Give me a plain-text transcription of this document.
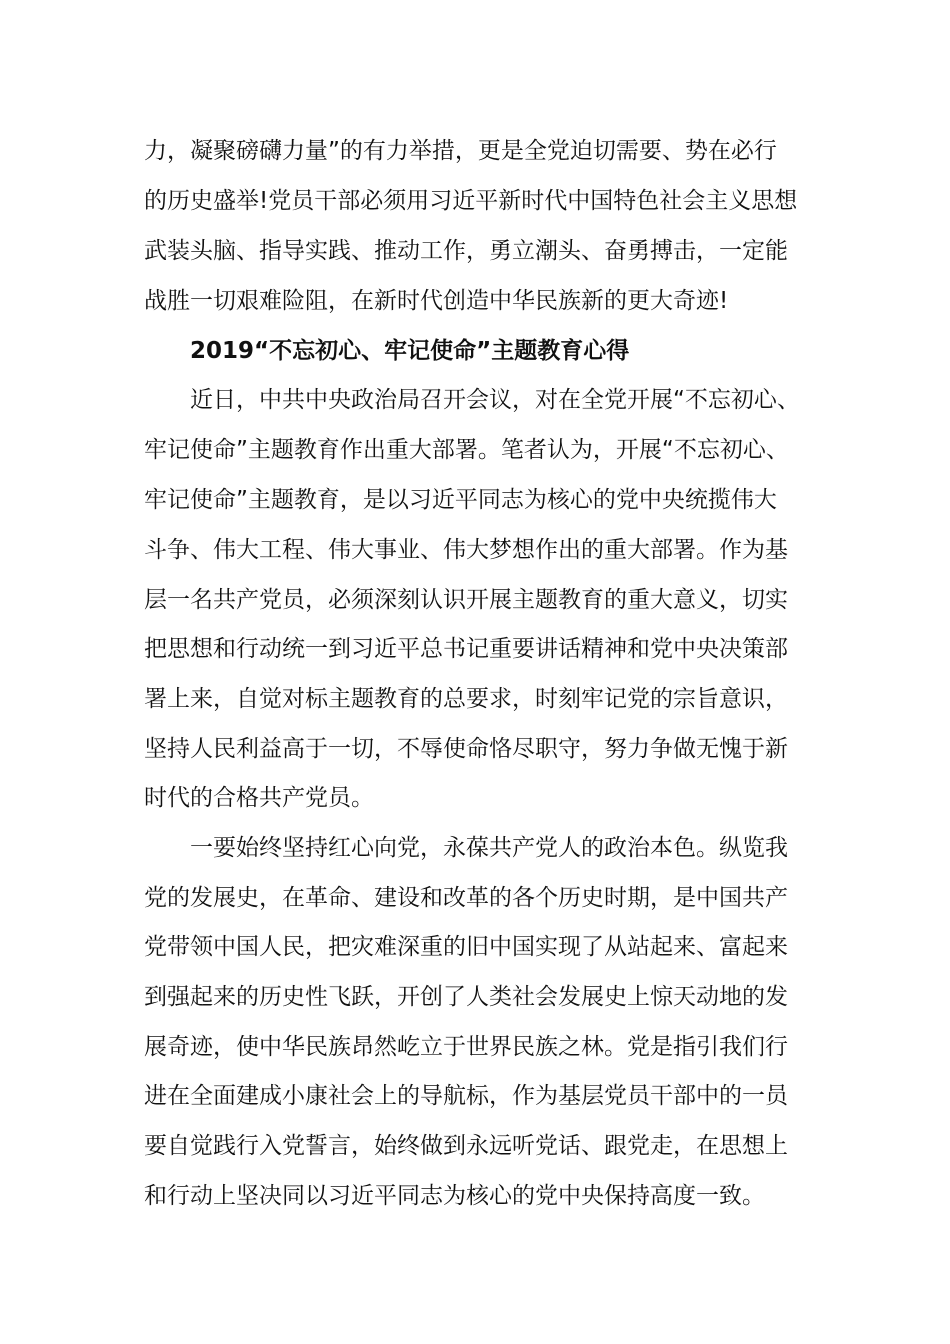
力，凝聚磅礴力量”的有力举措，更是全党迫切需要、势在必行
的历史盛举!党员干部必须用习近平新时代中国特色社会主义思想
武装头脑、指导实践、推动工作，勇立潮头、奋勇搏击，一定能
战胜一切艰难险阻，在新时代创造中华民族新的更大奇迹!
2019“不忘初心、牢记使命”主题教育心得
近日，中共中央政治局召开会议，对在全党开展“不忘初心、
牢记使命”主题教育作出重大部署。笔者认为，开展“不忘初心、
牢记使命”主题教育，是以习近平同志为核心的党中央统揽伟大
斗争、伟大工程、伟大事业、伟大梦想作出的重大部署。作为基
层一名共产党员，必须深刻认识开展主题教育的重大意义，切实
把思想和行动统一到习近平总书记重要讲话精神和党中央决策部
署上来，自觉对标主题教育的总要求，时刻牢记党的宗旨意识，
坚持人民利益高于一切，不辱使命恪尽职守，努力争做无愧于新
时代的合格共产党员。
一要始终坚持红心向党，永葆共产党人的政治本色。纵览我
党的发展史，在革命、建设和改革的各个历史时期，是中国共产
党带领中国人民，把灾难深重的旧中国实现了从站起来、富起来
到强起来的历史性飞跃，开创了人类社会发展史上惊天动地的发
展奇迹，使中华民族昂然屹立于世界民族之林。党是指引我们行
进在全面建成小康社会上的导航标，作为基层党员干部中的一员
要自觉践行入党誓言，始终做到永远听党话、跟党走，在思想上
和行动上坚决同以习近平同志为核心的党中央保持高度一致。
